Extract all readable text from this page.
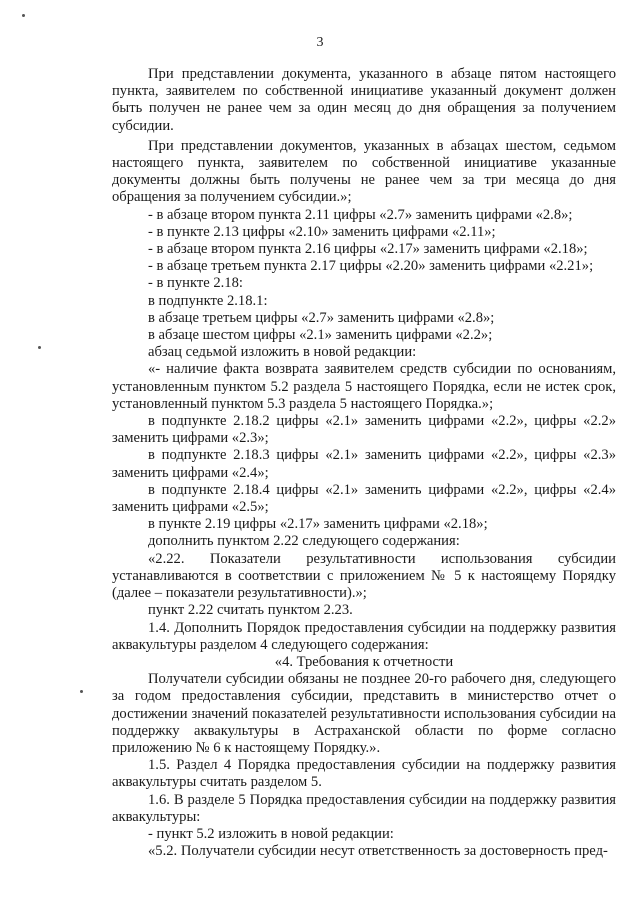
3

При представлении документа, указанного в абзаце пятом настоящего пункта, заявителем по собственной инициативе указанный документ должен быть получен не ранее чем за один месяц до дня обращения за получением субсидии.

При представлении документов, указанных в абзацах шестом, седьмом настоящего пункта, заявителем по собственной инициативе указанные документы должны быть получены не ранее чем за три месяца до дня обращения за получением субсидии.»;

- в абзаце втором пункта 2.11 цифры «2.7» заменить цифрами «2.8»;

- в пункте 2.13 цифры «2.10» заменить цифрами «2.11»;

- в абзаце втором пункта 2.16 цифры «2.17» заменить цифрами «2.18»;

- в абзаце третьем пункта 2.17 цифры «2.20» заменить цифрами «2.21»;

- в пункте 2.18:

в подпункте 2.18.1:

в абзаце третьем цифры «2.7» заменить цифрами «2.8»;

в абзаце шестом цифры «2.1» заменить цифрами «2.2»;

абзац седьмой изложить в новой редакции:

«- наличие факта возврата заявителем средств субсидии по основаниям, установленным пунктом 5.2 раздела 5 настоящего Порядка, если не истек срок, установленный пунктом 5.3 раздела 5 настоящего Порядка.»;

в подпункте 2.18.2 цифры «2.1» заменить цифрами «2.2», цифры «2.2» заменить цифрами «2.3»;

в подпункте 2.18.3 цифры «2.1» заменить цифрами «2.2», цифры «2.3» заменить цифрами «2.4»;

в подпункте 2.18.4 цифры «2.1» заменить цифрами «2.2», цифры «2.4» заменить цифрами «2.5»;

в пункте 2.19 цифры «2.17» заменить цифрами «2.18»;

дополнить пунктом 2.22 следующего содержания:

«2.22. Показатели результативности использования субсидии устанавливаются в соответствии с приложением № 5 к настоящему Порядку (далее – показатели результативности).»;

пункт 2.22 считать пунктом 2.23.

1.4. Дополнить Порядок предоставления субсидии на поддержку развития аквакультуры разделом 4 следующего содержания:

«4. Требования к отчетности

Получатели субсидии обязаны не позднее 20-го рабочего дня, следующего за годом предоставления субсидии, представить в министерство отчет о достижении значений показателей результативности использования субсидии на поддержку аквакультуры в Астраханской области по форме согласно приложению № 6 к настоящему Порядку.».

1.5. Раздел 4 Порядка предоставления субсидии на поддержку развития аквакультуры считать разделом 5.

1.6. В разделе 5 Порядка предоставления субсидии на поддержку развития аквакультуры:

- пункт 5.2 изложить в новой редакции:

«5.2. Получатели субсидии несут ответственность за достоверность пред-
